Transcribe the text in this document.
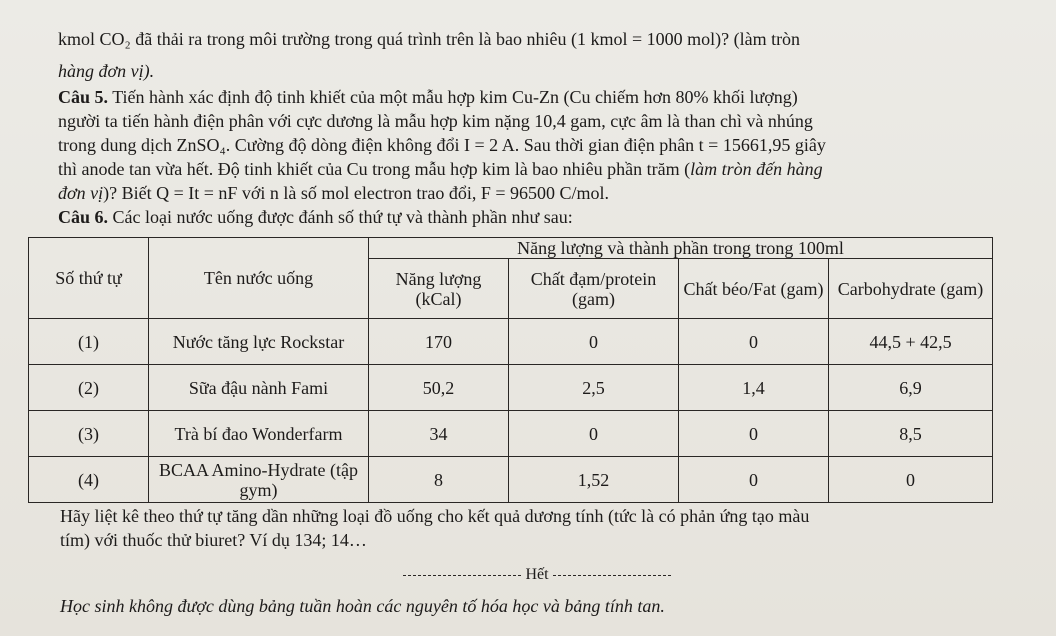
kmol CO₂ đã thải ra trong môi trường trong quá trình trên là bao nhiêu (1 kmol = 1000 mol)? (làm tròn
hàng đơn vị).
Câu 5. Tiến hành xác định độ tinh khiết của một mẫu hợp kim Cu-Zn (Cu chiếm hơn 80% khối lượng)
người ta tiến hành điện phân với cực dương là mẫu hợp kim nặng 10,4 gam, cực âm là than chì và nhúng
trong dung dịch ZnSO₄. Cường độ dòng điện không đổi I = 2 A. Sau thời gian điện phân t = 15661,95 giây
thì anode tan vừa hết. Độ tinh khiết của Cu trong mẫu hợp kim là bao nhiêu phần trăm (làm tròn đến hàng
đơn vị)? Biết Q = It = nF với n là số mol electron trao đổi, F = 96500 C/mol.
Câu 6. Các loại nước uống được đánh số thứ tự và thành phần như sau:
Số thứ tự	Tên nước uống	Năng lượng và thành phần trong trong 100ml			
		Năng lượng (kCal)	Chất đạm/protein (gam)	Chất béo/Fat (gam)	Carbohydrate (gam)
(1)	Nước tăng lực Rockstar	170	0	0	44,5 + 42,5
(2)	Sữa đậu nành Fami	50,2	2,5	1,4	6,9
(3)	Trà bí đao Wonderfarm	34	0	0	8,5
(4)	BCAA Amino-Hydrate (tập gym)	8	1,52	0	0
Hãy liệt kê theo thứ tự tăng dần những loại đồ uống cho kết quả dương tính (tức là có phản ứng tạo màu
tím) với thuốc thử biuret? Ví dụ 134; 14…
Hết
Học sinh không được dùng bảng tuần hoàn các nguyên tố hóa học và bảng tính tan.
